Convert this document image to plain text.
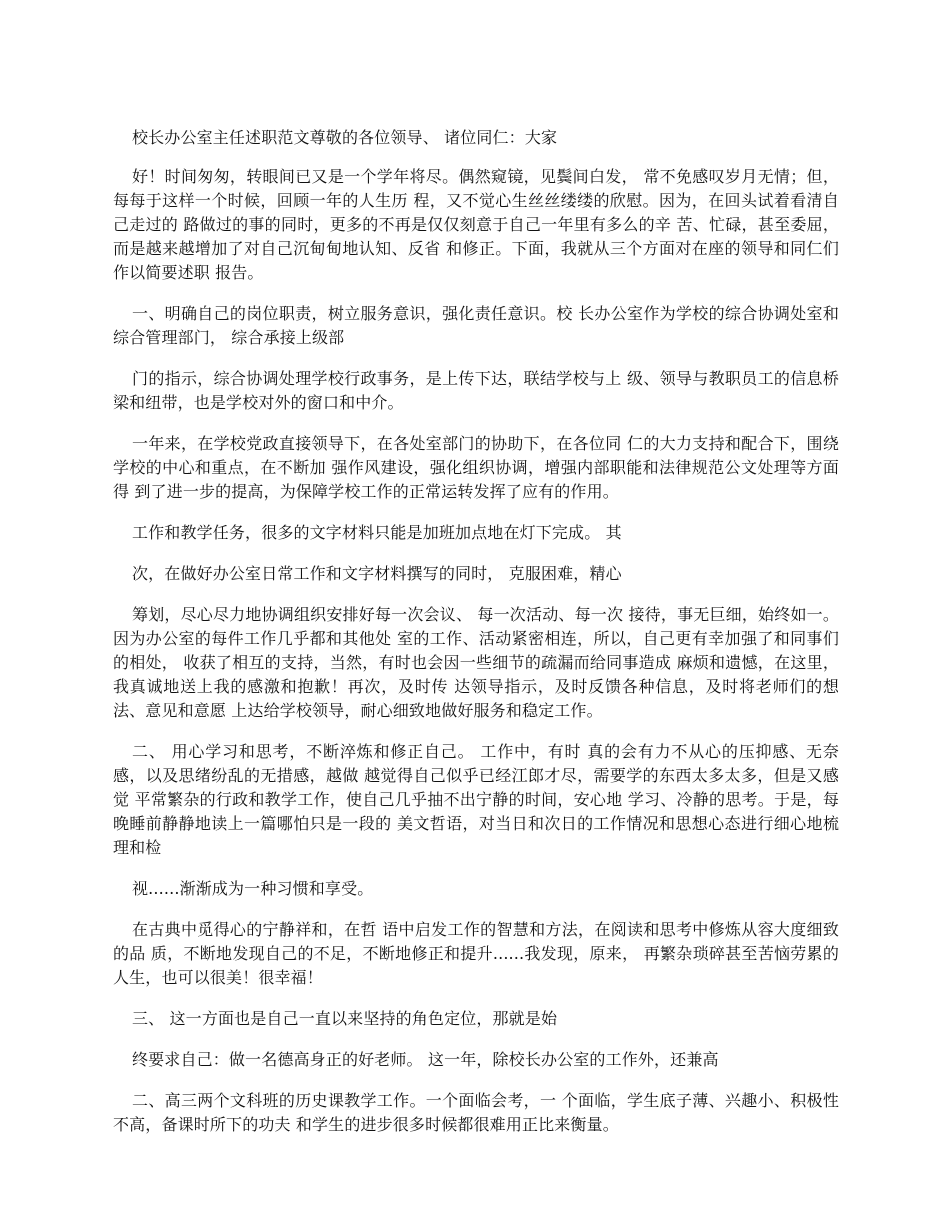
校长办公室主任述职范文尊敬的各位领导、 诸位同仁：大家

好！时间匆匆，转眼间已又是一个学年将尽。偶然窥镜，见鬓间白发， 常不免感叹岁月无情；但，每每于这样一个时候，回顾一年的人生历 程，又不觉心生丝丝缕缕的欣慰。因为，在回头试着看清自己走过的 路做过的事的同时，更多的不再是仅仅刻意于自己一年里有多么的辛 苦、忙碌，甚至委屈，而是越来越增加了对自己沉甸甸地认知、反省 和修正。下面，我就从三个方面对在座的领导和同仁们作以简要述职 报告。

一、明确自己的岗位职责，树立服务意识，强化责任意识。校 长办公室作为学校的综合协调处室和综合管理部门， 综合承接上级部

门的指示，综合协调处理学校行政事务，是上传下达，联结学校与上 级、领导与教职员工的信息桥梁和纽带，也是学校对外的窗口和中介。

一年来，在学校党政直接领导下，在各处室部门的协助下，在各位同 仁的大力支持和配合下，围绕学校的中心和重点，在不断加 强作风建设，强化组织协调，增强内部职能和法律规范公文处理等方面得 到了进一步的提高，为保障学校工作的正常运转发挥了应有的作用。

工作和教学任务，很多的文字材料只能是加班加点地在灯下完成。 其

次，在做好办公室日常工作和文字材料撰写的同时， 克服困难，精心

筹划，尽心尽力地协调组织安排好每一次会议、 每一次活动、每一次 接待，事无巨细，始终如一。因为办公室的每件工作几乎都和其他处 室的工作、活动紧密相连，所以，自己更有幸加强了和同事们的相处， 收获了相互的支持，当然，有时也会因一些细节的疏漏而给同事造成 麻烦和遗憾，在这里，我真诚地送上我的感激和抱歉！再次，及时传 达领导指示，及时反馈各种信息，及时将老师们的想法、意见和意愿 上达给学校领导，耐心细致地做好服务和稳定工作。

二、 用心学习和思考，不断淬炼和修正自己。 工作中，有时 真的会有力不从心的压抑感、无奈感，以及思绪纷乱的无措感，越做 越觉得自己似乎已经江郎才尽，需要学的东西太多太多，但是又感觉 平常繁杂的行政和教学工作，使自己几乎抽不出宁静的时间，安心地 学习、冷静的思考。于是，每晚睡前静静地读上一篇哪怕只是一段的 美文哲语，对当日和次日的工作情况和思想心态进行细心地梳理和检

视......渐渐成为一种习惯和享受。

在古典中觅得心的宁静祥和，在哲 语中启发工作的智慧和方法，在阅读和思考中修炼从容大度细致的品 质，不断地发现自己的不足，不断地修正和提升......我发现，原来， 再繁杂琐碎甚至苦恼劳累的人生，也可以很美！很幸福！

三、 这一方面也是自己一直以来坚持的角色定位，那就是始

终要求自己：做一名德高身正的好老师。 这一年，除校长办公室的工作外，还兼高

二、高三两个文科班的历史课教学工作。一个面临会考，一 个面临，学生底子薄、兴趣小、积极性不高，备课时所下的功夫 和学生的进步很多时候都很难用正比来衡量。
